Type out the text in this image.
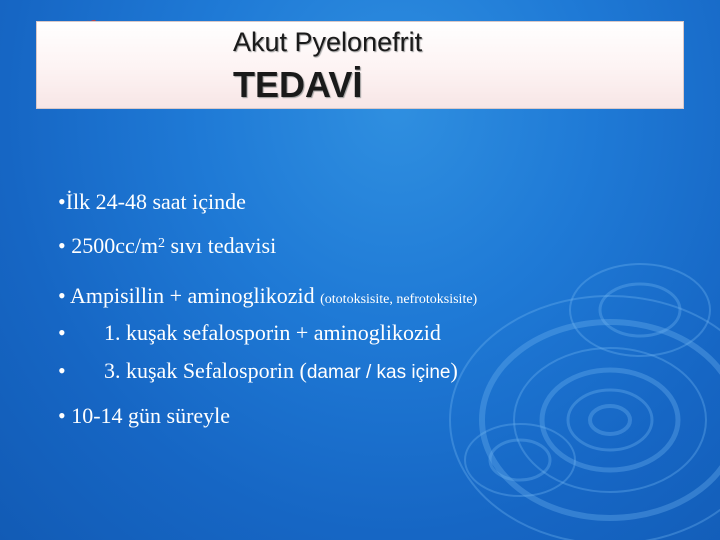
Akut Pyelonefrit
TEDAVİ
•İlk 24-48 saat içinde
• $2500cc/m^2$ sıvı tedavisi
• Ampisillin + aminoglikozid (ototoksisite, nefrotoksisite)
• 1. kuşak sefalosporin + aminoglikozid
• 3. kuşak Sefalosporin (damar / kas içine)
• 10-14 gün süreyle
